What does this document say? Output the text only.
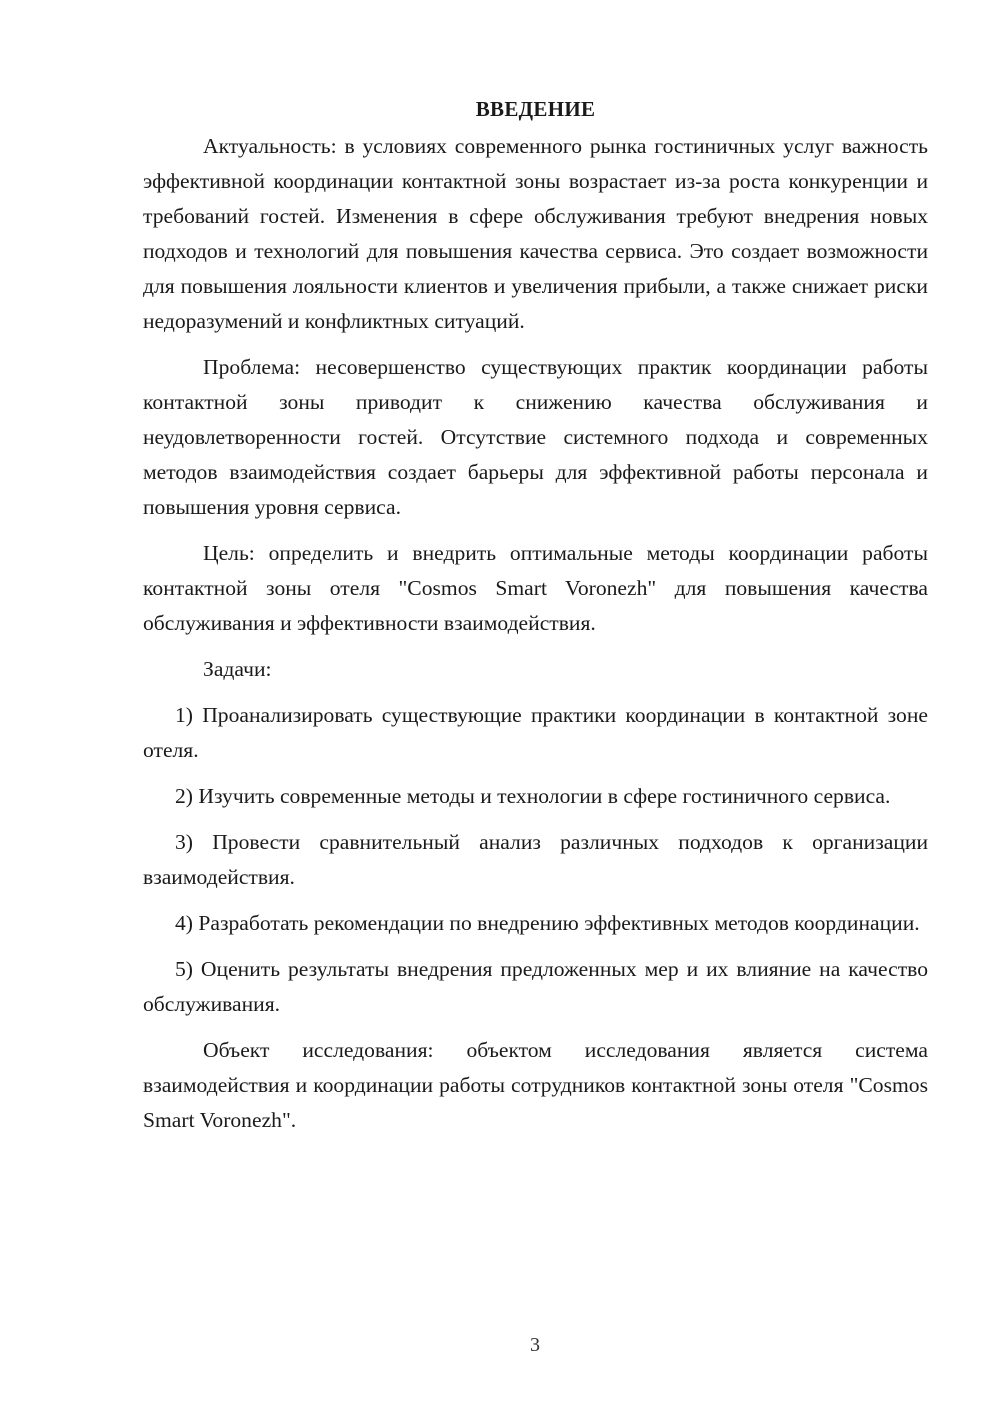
ВВЕДЕНИЕ

Актуальность: в условиях современного рынка гостиничных услуг важность эффективной координации контактной зоны возрастает из-за роста конкуренции и требований гостей. Изменения в сфере обслуживания требуют внедрения новых подходов и технологий для повышения качества сервиса. Это создает возможности для повышения лояльности клиентов и увеличения прибыли, а также снижает риски недоразумений и конфликтных ситуаций.

Проблема: несовершенство существующих практик координации работы контактной зоны приводит к снижению качества обслуживания и неудовлетворенности гостей. Отсутствие системного подхода и современных методов взаимодействия создает барьеры для эффективной работы персонала и повышения уровня сервиса.

Цель: определить и внедрить оптимальные методы координации работы контактной зоны отеля "Cosmos Smart Voronezh" для повышения качества обслуживания и эффективности взаимодействия.

Задачи:

1) Проанализировать существующие практики координации в контактной зоне отеля.

2) Изучить современные методы и технологии в сфере гостиничного сервиса.

3) Провести сравнительный анализ различных подходов к организации взаимодействия.

4) Разработать рекомендации по внедрению эффективных методов координации.

5) Оценить результаты внедрения предложенных мер и их влияние на качество обслуживания.

Объект исследования: объектом исследования является система взаимодействия и координации работы сотрудников контактной зоны отеля "Cosmos Smart Voronezh".

3
